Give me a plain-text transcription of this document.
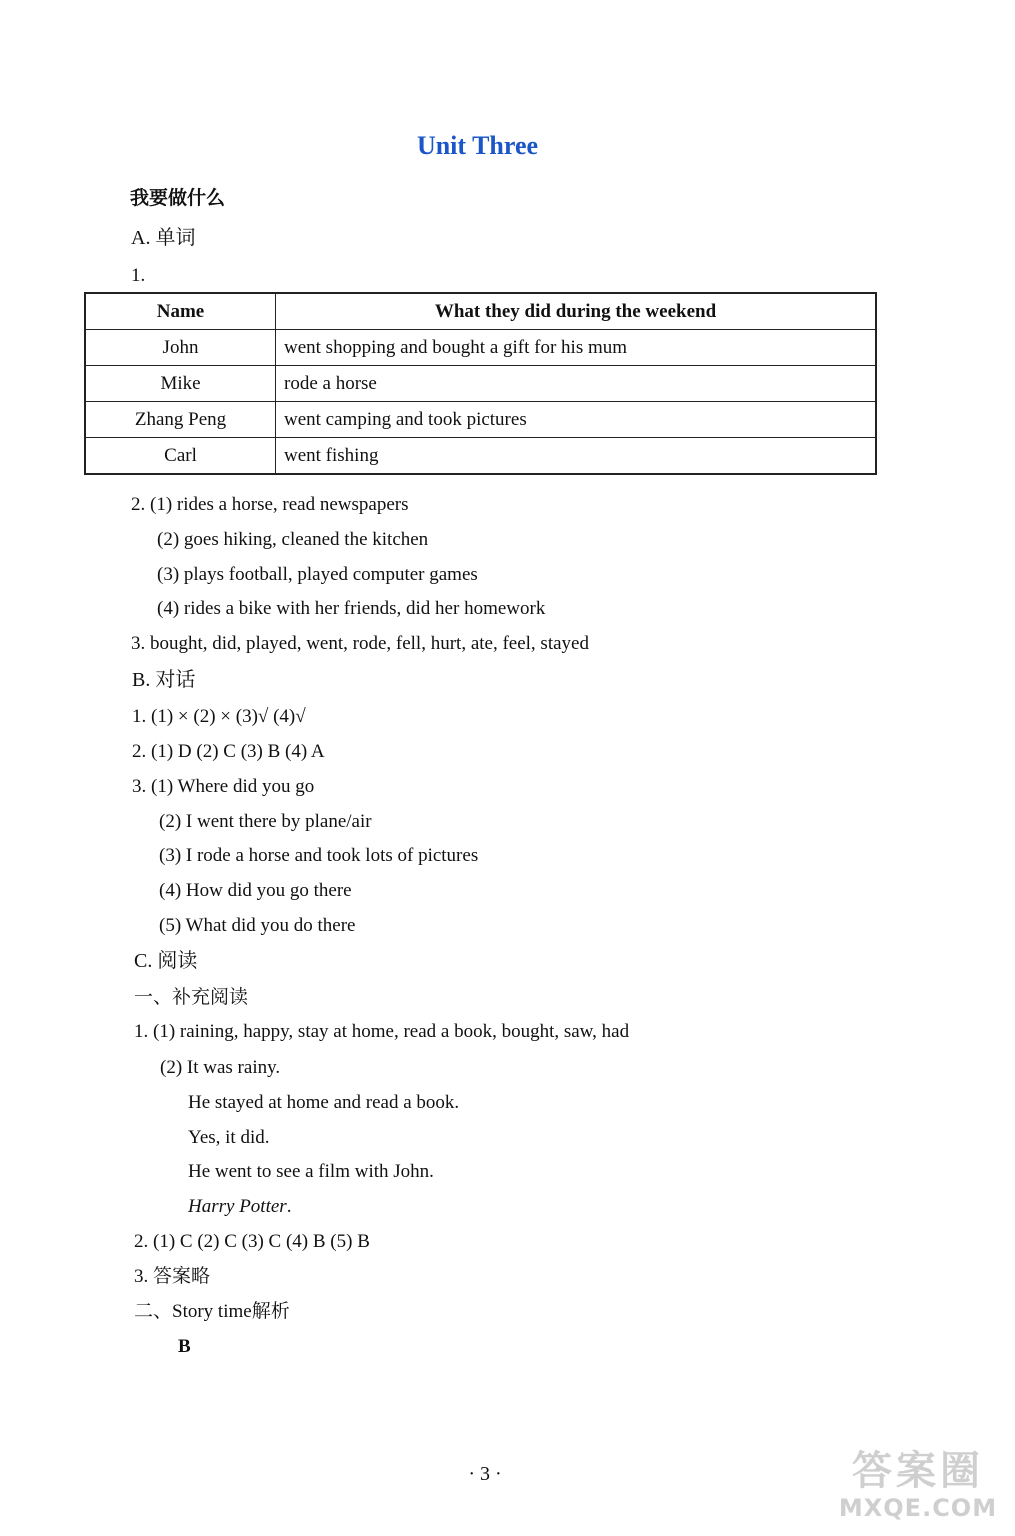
Unit Three
我要做什么
A. 单词
1.
Name	What they did during the weekend
John	went shopping and bought a gift for his mum
Mike	rode a horse
Zhang Peng	went camping and took pictures
Carl	went fishing
2. (1) rides a horse, read newspapers
(2) goes hiking, cleaned the kitchen
(3) plays football, played computer games
(4) rides a bike with her friends, did her homework
3. bought, did, played, went, rode, fell, hurt, ate, feel, stayed
B. 对话
1. (1) × (2) × (3)√ (4)√
2. (1) D (2) C (3) B (4) A
3. (1) Where did you go
(2) I went there by plane/air
(3) I rode a horse and took lots of pictures
(4) How did you go there
(5) What did you do there
C. 阅读
一、补充阅读
1. (1) raining, happy, stay at home, read a book, bought, saw, had
(2) It was rainy.
He stayed at home and read a book.
Yes, it did.
He went to see a film with John.
Harry Potter.
2. (1) C (2) C (3) C (4) B (5) B
3. 答案略
二、Story time解析
B
· 3 ·	答案圈
MXQE.COM
